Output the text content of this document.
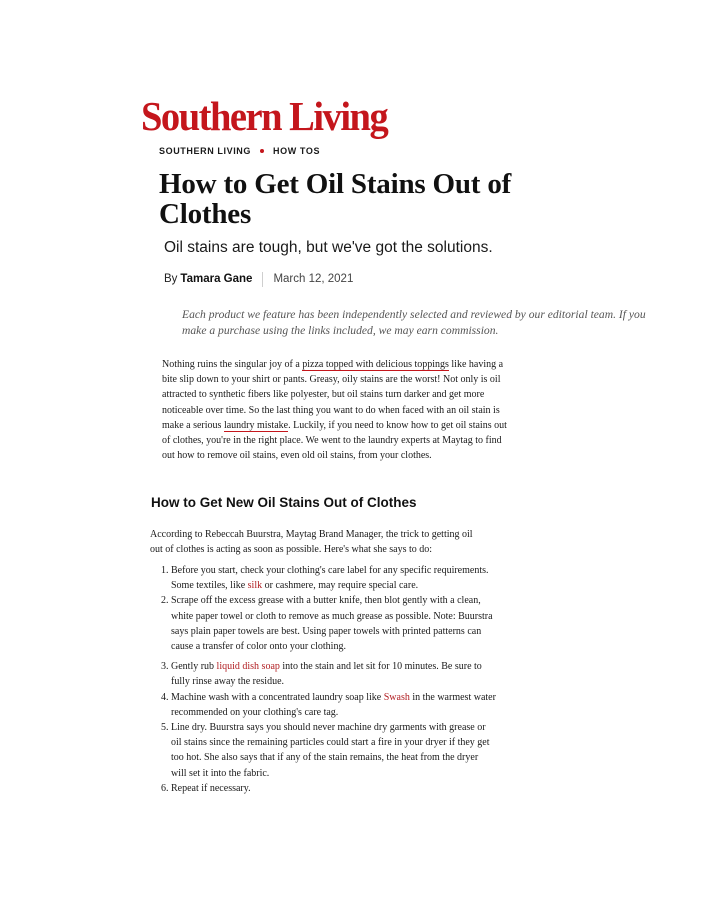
Southern Living
SOUTHERN LIVING HOW TOS
How to Get Oil Stains Out of Clothes
Oil stains are tough, but we've got the solutions.
By Tamara Gane March 12, 2021

Each product we feature has been independently selected and reviewed by our editorial team. If you make a purchase using the links included, we may earn commission.

Nothing ruins the singular joy of a pizza topped with delicious toppings like having a bite slip down to your shirt or pants. Greasy, oily stains are the worst! Not only is oil attracted to synthetic fibers like polyester, but oil stains turn darker and get more noticeable over time. So the last thing you want to do when faced with an oil stain is make a serious laundry mistake. Luckily, if you need to know how to get oil stains out of clothes, you're in the right place. We went to the laundry experts at Maytag to find out how to remove oil stains, even old oil stains, from your clothes.

How to Get New Oil Stains Out of Clothes

According to Rebeccah Buurstra, Maytag Brand Manager, the trick to getting oil out of clothes is acting as soon as possible. Here's what she says to do:

1. Before you start, check your clothing's care label for any specific requirements. Some textiles, like silk or cashmere, may require special care.
2. Scrape off the excess grease with a butter knife, then blot gently with a clean, white paper towel or cloth to remove as much grease as possible. Note: Buurstra says plain paper towels are best. Using paper towels with printed patterns can cause a transfer of color onto your clothing.
3. Gently rub liquid dish soap into the stain and let sit for 10 minutes. Be sure to fully rinse away the residue.
4. Machine wash with a concentrated laundry soap like Swash in the warmest water recommended on your clothing's care tag.
5. Line dry. Buurstra says you should never machine dry garments with grease or oil stains since the remaining particles could start a fire in your dryer if they get too hot. She also says that if any of the stain remains, the heat from the dryer will set it into the fabric.
6. Repeat if necessary.
